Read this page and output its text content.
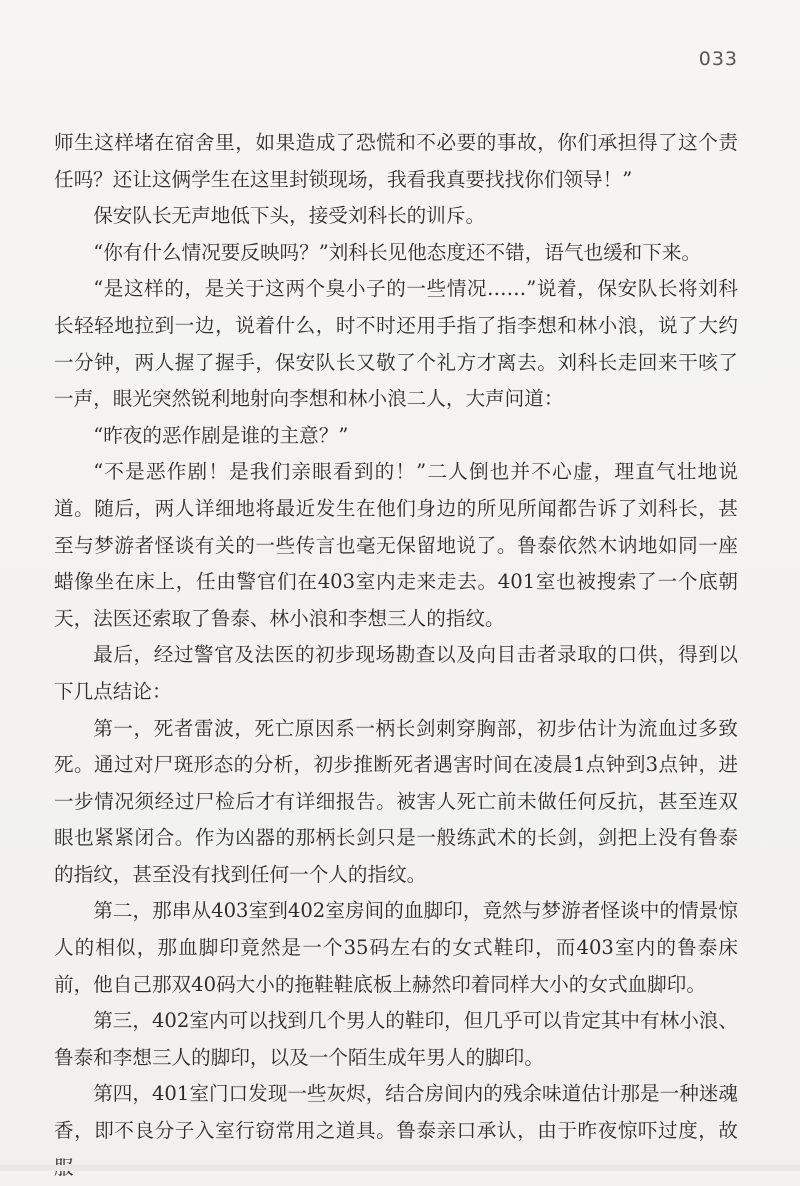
033

师生这样堵在宿舍里，如果造成了恐慌和不必要的事故，你们承担得了这个责任吗？还让这俩学生在这里封锁现场，我看我真要找找你们领导！”

保安队长无声地低下头，接受刘科长的训斥。

“你有什么情况要反映吗？”刘科长见他态度还不错，语气也缓和下来。

“是这样的，是关于这两个臭小子的一些情况……”说着，保安队长将刘科长轻轻地拉到一边，说着什么，时不时还用手指了指李想和林小浪，说了大约一分钟，两人握了握手，保安队长又敬了个礼方才离去。刘科长走回来干咳了一声，眼光突然锐利地射向李想和林小浪二人，大声问道：

“昨夜的恶作剧是谁的主意？”

“不是恶作剧！是我们亲眼看到的！”二人倒也并不心虚，理直气壮地说道。随后，两人详细地将最近发生在他们身边的所见所闻都告诉了刘科长，甚至与梦游者怪谈有关的一些传言也毫无保留地说了。鲁泰依然木讷地如同一座蜡像坐在床上，任由警官们在403室内走来走去。401室也被搜索了一个底朝天，法医还索取了鲁泰、林小浪和李想三人的指纹。

最后，经过警官及法医的初步现场勘查以及向目击者录取的口供，得到以下几点结论：

第一，死者雷波，死亡原因系一柄长剑刺穿胸部，初步估计为流血过多致死。通过对尸斑形态的分析，初步推断死者遇害时间在凌晨1点钟到3点钟，进一步情况须经过尸检后才有详细报告。被害人死亡前未做任何反抗，甚至连双眼也紧紧闭合。作为凶器的那柄长剑只是一般练武术的长剑，剑把上没有鲁泰的指纹，甚至没有找到任何一个人的指纹。

第二，那串从403室到402室房间的血脚印，竟然与梦游者怪谈中的情景惊人的相似，那血脚印竟然是一个35码左右的女式鞋印，而403室内的鲁泰床前，他自己那双40码大小的拖鞋鞋底板上赫然印着同样大小的女式血脚印。

第三，402室内可以找到几个男人的鞋印，但几乎可以肯定其中有林小浪、鲁泰和李想三人的脚印，以及一个陌生成年男人的脚印。

第四，401室门口发现一些灰烬，结合房间内的残余味道估计那是一种迷魂香，即不良分子入室行窃常用之道具。鲁泰亲口承认，由于昨夜惊吓过度，故
